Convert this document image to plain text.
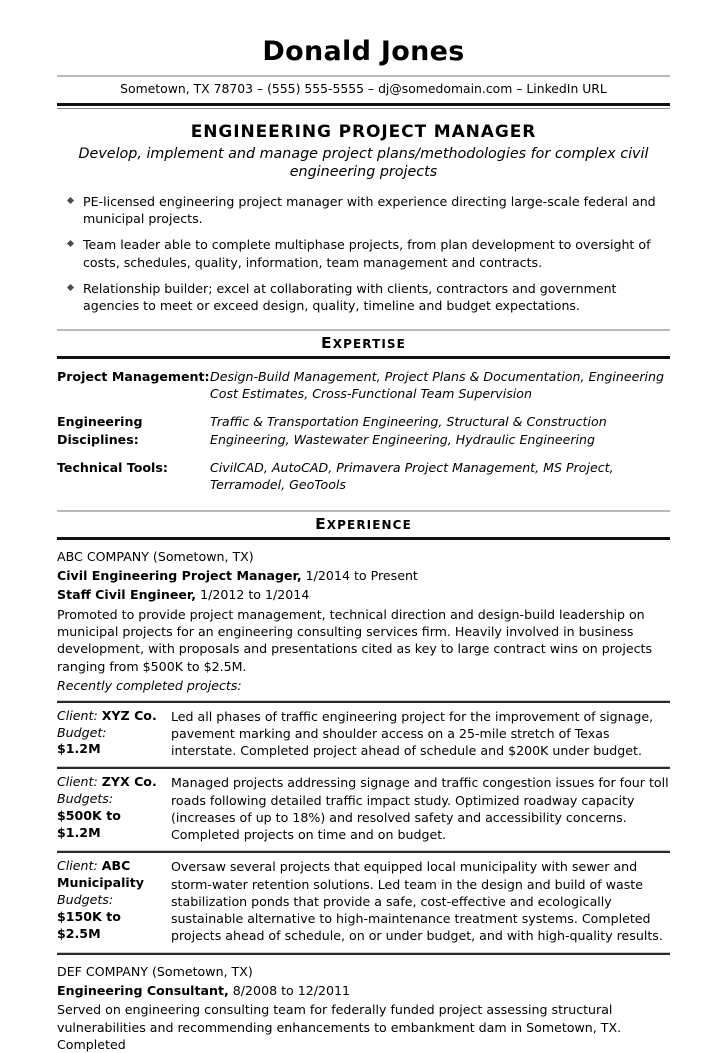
Donald Jones
Sometown, TX 78703 – (555) 555-5555 – dj@somedomain.com – LinkedIn URL
ENGINEERING PROJECT MANAGER
Develop, implement and manage project plans/methodologies for complex civil engineering projects
PE-licensed engineering project manager with experience directing large-scale federal and municipal projects.
Team leader able to complete multiphase projects, from plan development to oversight of costs, schedules, quality, information, team management and contracts.
Relationship builder; excel at collaborating with clients, contractors and government agencies to meet or exceed design, quality, timeline and budget expectations.
EXPERTISE
Project Management: Design-Build Management, Project Plans & Documentation, Engineering Cost Estimates, Cross-Functional Team Supervision
Engineering Disciplines:
Traffic & Transportation Engineering, Structural & Construction Engineering, Wastewater Engineering, Hydraulic Engineering
Technical Tools:	CivilCAD, AutoCAD, Primavera Project Management, MS Project, Terramodel, GeoTools
EXPERIENCE
ABC COMPANY (Sometown, TX)
Civil Engineering Project Manager, 1/2014 to Present
Staff Civil Engineer, 1/2012 to 1/2014
Promoted to provide project management, technical direction and design-build leadership on municipal projects for an engineering consulting services firm. Heavily involved in business development, with proposals and presentations cited as key to large contract wins on projects ranging from $500K to $2.5M.
Recently completed projects:
Client: XYZ Co.
Budget:
$1.2M
Led all phases of traffic engineering project for the improvement of signage, pavement marking and shoulder access on a 25-mile stretch of Texas interstate. Completed project ahead of schedule and $200K under budget.
Client: ZYX Co.
Budgets:
$500K to $1.2M
Managed projects addressing signage and traffic congestion issues for four toll roads following detailed traffic impact study. Optimized roadway capacity (increases of up to 18%) and resolved safety and accessibility concerns. Completed projects on time and on budget.
Client: ABC Municipality
Budgets:
$150K to $2.5M
Oversaw several projects that equipped local municipality with sewer and storm-water retention solutions. Led team in the design and build of waste stabilization ponds that provide a safe, cost-effective and ecologically sustainable alternative to high-maintenance treatment systems. Completed projects ahead of schedule, on or under budget, and with high-quality results.
DEF COMPANY (Sometown, TX)
Engineering Consultant, 8/2008 to 12/2011
Served on engineering consulting team for federally funded project assessing structural vulnerabilities and recommending enhancements to embankment dam in Sometown, TX. Completed
